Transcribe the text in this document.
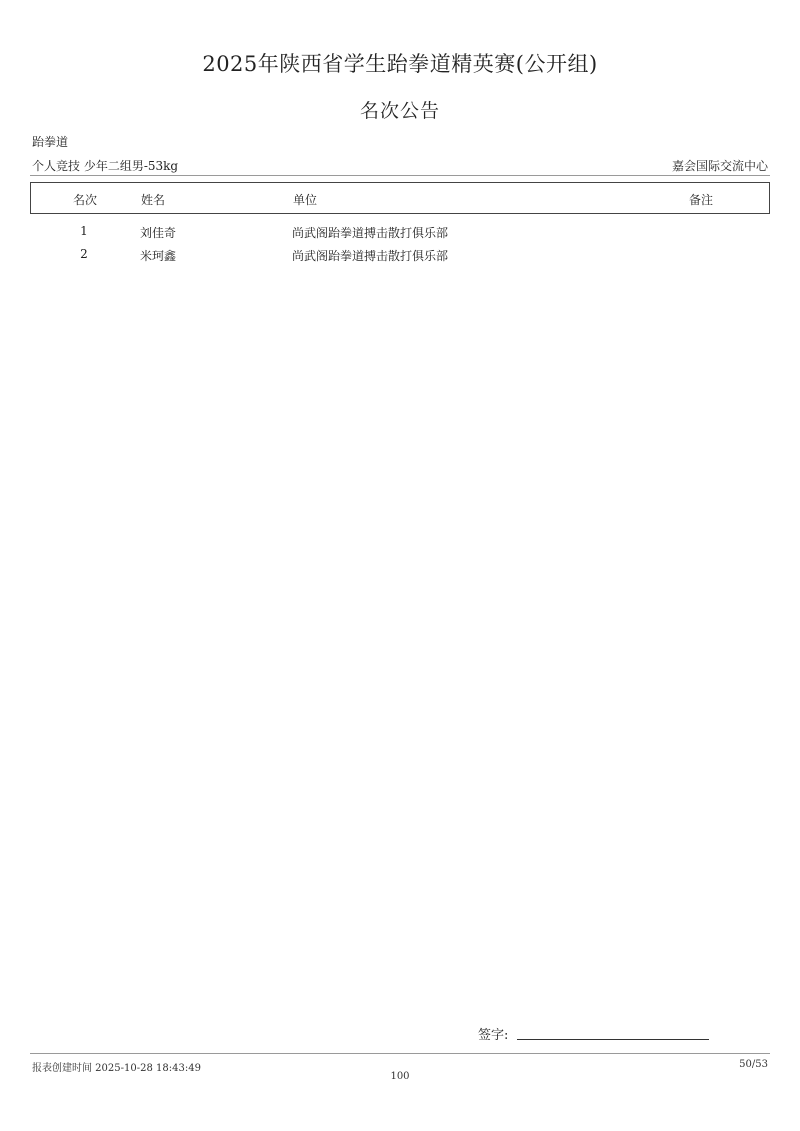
2025年陕西省学生跆拳道精英赛(公开组)
名次公告
跆拳道
个人竞技 少年二组男-53kg	嘉会国际交流中心
名次	姓名	单位	备注
1	刘佳奇	尚武阁跆拳道搏击散打俱乐部
2	米珂鑫	尚武阁跆拳道搏击散打俱乐部
签字:
报表创建时间 2025-10-28 18:43:49	50/53
100
